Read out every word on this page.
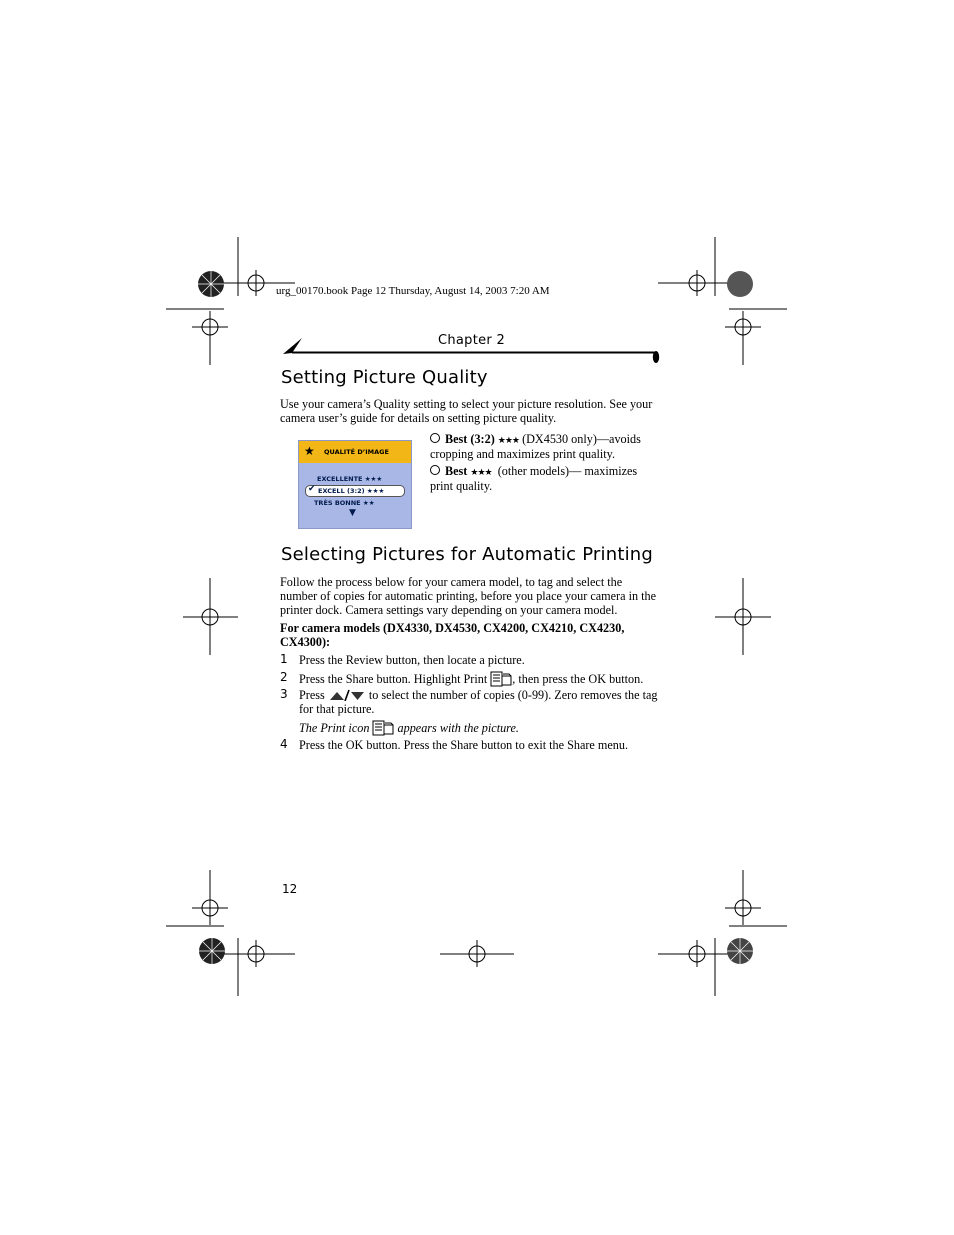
urg_00170.book Page 12 Thursday, August 14, 2003 7:20 AM
Chapter 2
Setting Picture Quality

Use your camera’s Quality setting to select your picture resolution. See your camera user’s guide for details on setting picture quality.

★ QUALITÉ D’IMAGE
EXCELLENTE ★★★
✔ EXCELL (3:2) ★★★
TRÈS BONNE ★★
▼
Best (3:2) ★★★ (DX4530 only)—avoids cropping and maximizes print quality.
Best ★★★ (other models)— maximizes print quality.
Selecting Pictures for Automatic Printing

Follow the process below for your camera model, to tag and select the number of copies for automatic printing, before you place your camera in the printer dock. Camera settings vary depending on your camera model.

For camera models (DX4330, DX4530, CX4200, CX4210, CX4230, CX4300):

1 Press the Review button, then locate a picture.

2 Press the Share button. Highlight Print , then press the OK button.

3 Press	to select the number of copies (0-99). Zero removes the tag for that picture.

The Print icon appears with the picture.

4 Press the OK button. Press the Share button to exit the Share menu.

12
